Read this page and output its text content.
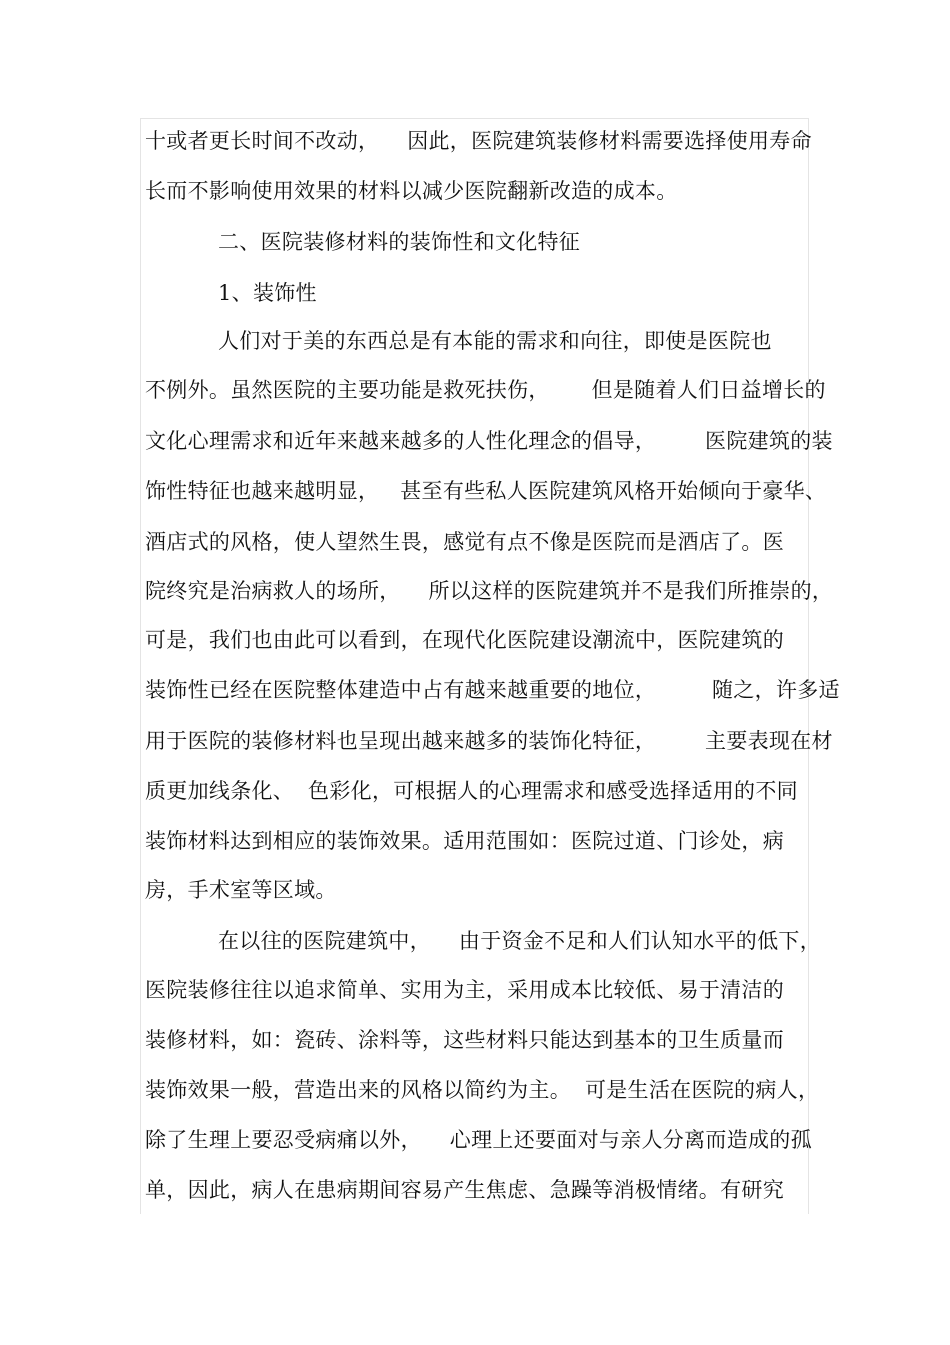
十或者更长时间不改动，    因此，医院建筑装修材料需要选择使用寿命
长而不影响使用效果的材料以减少医院翻新改造的成本。
二、医院装修材料的装饰性和文化特征
1、装饰性
人们对于美的东西总是有本能的需求和向往，即使是医院也
不例外。虽然医院的主要功能是救死扶伤，      但是随着人们日益增长的
文化心理需求和近年来越来越多的人性化理念的倡导，       医院建筑的装
饰性特征也越来越明显，   甚至有些私人医院建筑风格开始倾向于豪华、
酒店式的风格，使人望然生畏，感觉有点不像是医院而是酒店了。医
院终究是治病救人的场所，    所以这样的医院建筑并不是我们所推崇的，
可是，我们也由此可以看到，在现代化医院建设潮流中，医院建筑的
装饰性已经在医院整体建造中占有越来越重要的地位，        随之，许多适
用于医院的装修材料也呈现出越来越多的装饰化特征，       主要表现在材
质更加线条化、  色彩化，可根据人的心理需求和感受选择适用的不同
装饰材料达到相应的装饰效果。适用范围如：医院过道、门诊处，病
房，手术室等区域。
在以往的医院建筑中，    由于资金不足和人们认知水平的低下，
医院装修往往以追求简单、实用为主，采用成本比较低、易于清洁的
装修材料，如：瓷砖、涂料等，这些材料只能达到基本的卫生质量而
装饰效果一般，营造出来的风格以简约为主。  可是生活在医院的病人，
除了生理上要忍受病痛以外，    心理上还要面对与亲人分离而造成的孤
单，因此，病人在患病期间容易产生焦虑、急躁等消极情绪。有研究
